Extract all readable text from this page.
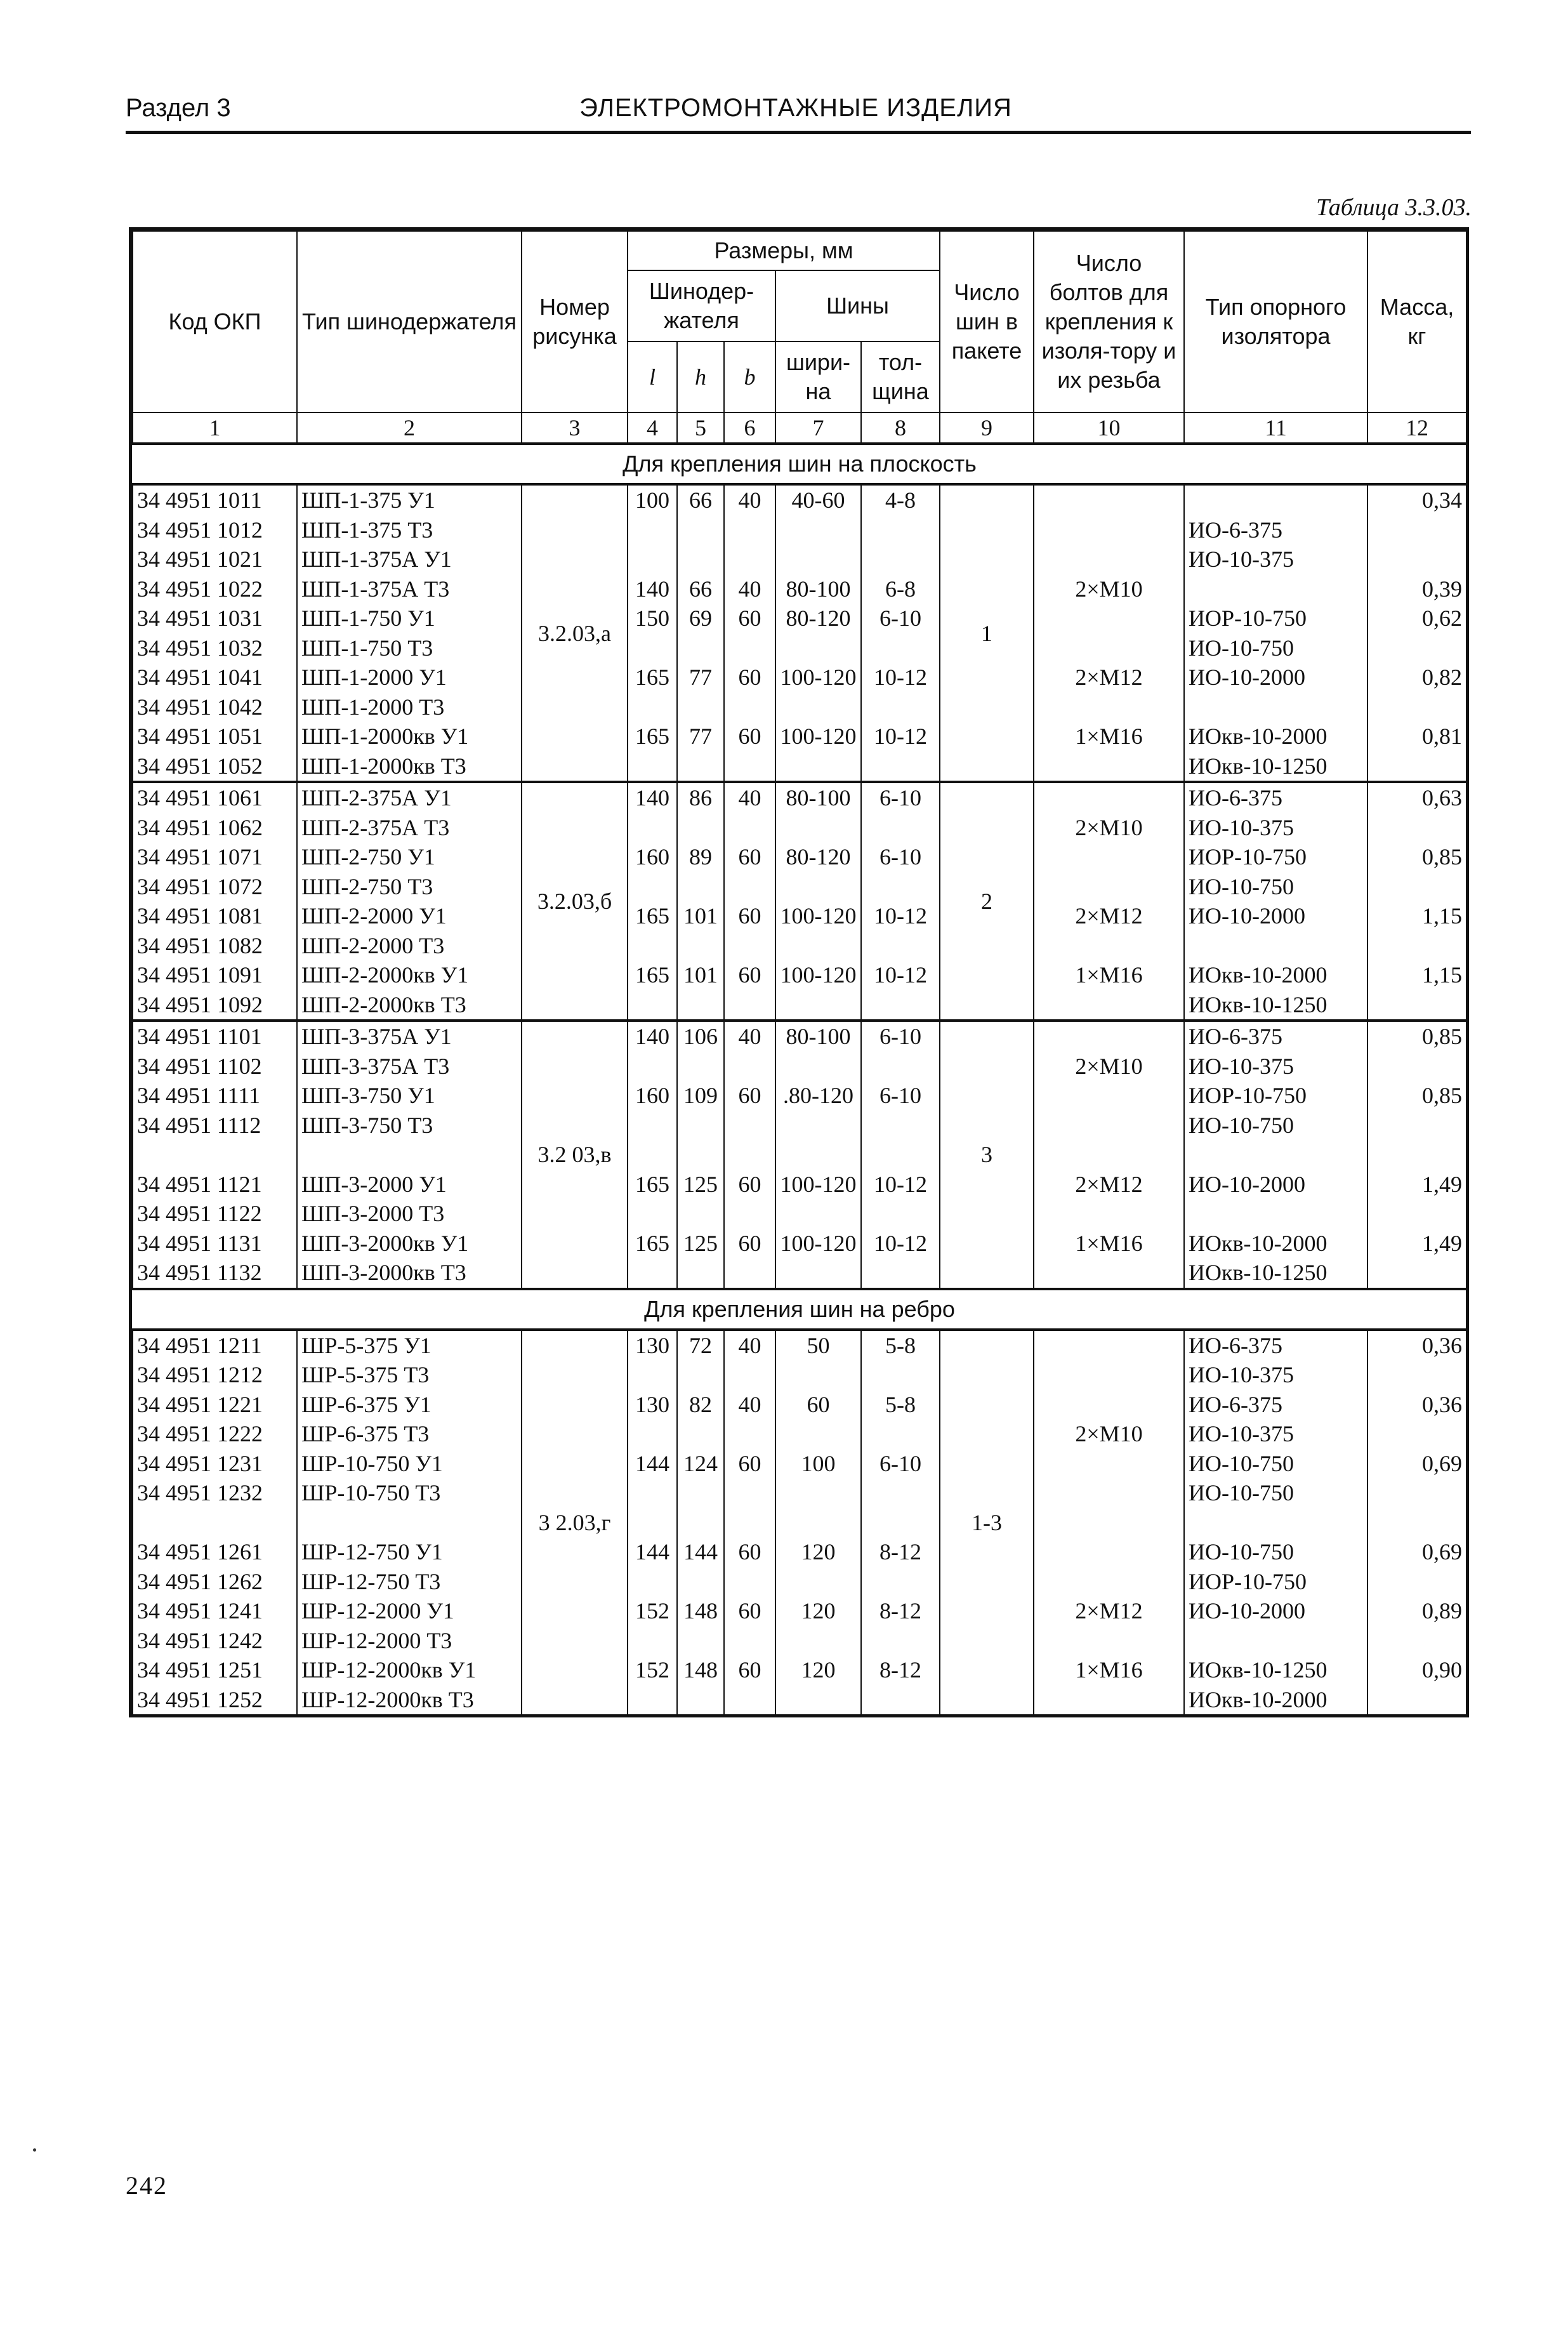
Раздел 3	ЭЛЕКТРОМОНТАЖНЫЕ ИЗДЕЛИЯ
Таблица 3.3.03.
Код ОКП	Тип шинодержателя	Номер рисунка	Размеры, мм					Число шин в пакете	Число болтов для крепления к изоля-тору и их резьба	Тип опорного изолятора	Масса, кг
			Шинодер-жателя			Шины					
			l	h	b	шири-на	тол-щина				
1	2	3	4	5	6	7	8	9	10	11	12
Для крепления шин на плоскость											
34 4951 1011	ШП-1-375 У1	3.2.03,а	100	66	40	40-60	4-8	1			0,34
34 4951 1012	ШП-1-375 Т3									ИО-6-375	
34 4951 1021	ШП-1-375А У1									ИО-10-375	
34 4951 1022	ШП-1-375А Т3		140	66	40	80-100	6-8		2×М10		0,39
34 4951 1031	ШП-1-750 У1		150	69	60	80-120	6-10			ИОР-10-750	0,62
34 4951 1032	ШП-1-750 Т3									ИО-10-750	
34 4951 1041	ШП-1-2000 У1		165	77	60	100-120	10-12		2×М12	ИО-10-2000	0,82
34 4951 1042	ШП-1-2000 Т3										
34 4951 1051	ШП-1-2000кв У1		165	77	60	100-120	10-12		1×М16	ИОкв-10-2000	0,81
34 4951 1052	ШП-1-2000кв Т3									ИОкв-10-1250	
34 4951 1061	ШП-2-375А У1	3.2.03,б	140	86	40	80-100	6-10	2		ИО-6-375	0,63
34 4951 1062	ШП-2-375А Т3								2×М10	ИО-10-375	
34 4951 1071	ШП-2-750 У1		160	89	60	80-120	6-10			ИОР-10-750	0,85
34 4951 1072	ШП-2-750 Т3									ИО-10-750	
34 4951 1081	ШП-2-2000 У1		165	101	60	100-120	10-12		2×М12	ИО-10-2000	1,15
34 4951 1082	ШП-2-2000 Т3										
34 4951 1091	ШП-2-2000кв У1		165	101	60	100-120	10-12		1×М16	ИОкв-10-2000	1,15
34 4951 1092	ШП-2-2000кв Т3									ИОкв-10-1250	
34 4951 1101	ШП-3-375А У1	3.2 03,в	140	106	40	80-100	6-10	3		ИО-6-375	0,85
34 4951 1102	ШП-3-375А Т3								2×М10	ИО-10-375	
34 4951 1111	ШП-3-750 У1		160	109	60	.80-120	6-10			ИОР-10-750	0,85
34 4951 1112	ШП-3-750 Т3									ИО-10-750	

34 4951 1121	ШП-3-2000 У1		165	125	60	100-120	10-12		2×М12	ИО-10-2000	1,49
34 4951 1122	ШП-3-2000 Т3										
34 4951 1131	ШП-3-2000кв У1		165	125	60	100-120	10-12		1×М16	ИОкв-10-2000	1,49
34 4951 1132	ШП-3-2000кв Т3									ИОкв-10-1250	
Для крепления шин на ребро											
34 4951 1211	ШР-5-375 У1	3 2.03,г	130	72	40	50	5-8	1-3		ИО-6-375	0,36
34 4951 1212	ШР-5-375 Т3									ИО-10-375	
34 4951 1221	ШР-6-375 У1		130	82	40	60	5-8			ИО-6-375	0,36
34 4951 1222	ШР-6-375 Т3								2×М10	ИО-10-375	
34 4951 1231	ШР-10-750 У1		144	124	60	100	6-10			ИО-10-750	0,69
34 4951 1232	ШР-10-750 Т3									ИО-10-750	

34 4951 1261	ШР-12-750 У1		144	144	60	120	8-12			ИО-10-750	0,69
34 4951 1262	ШР-12-750 Т3									ИОР-10-750	
34 4951 1241	ШР-12-2000 У1		152	148	60	120	8-12		2×М12	ИО-10-2000	0,89
34 4951 1242	ШР-12-2000 Т3										
34 4951 1251	ШР-12-2000кв У1		152	148	60	120	8-12		1×М16	ИОкв-10-1250	0,90
34 4951 1252	ШР-12-2000кв Т3									ИОкв-10-2000	
242
